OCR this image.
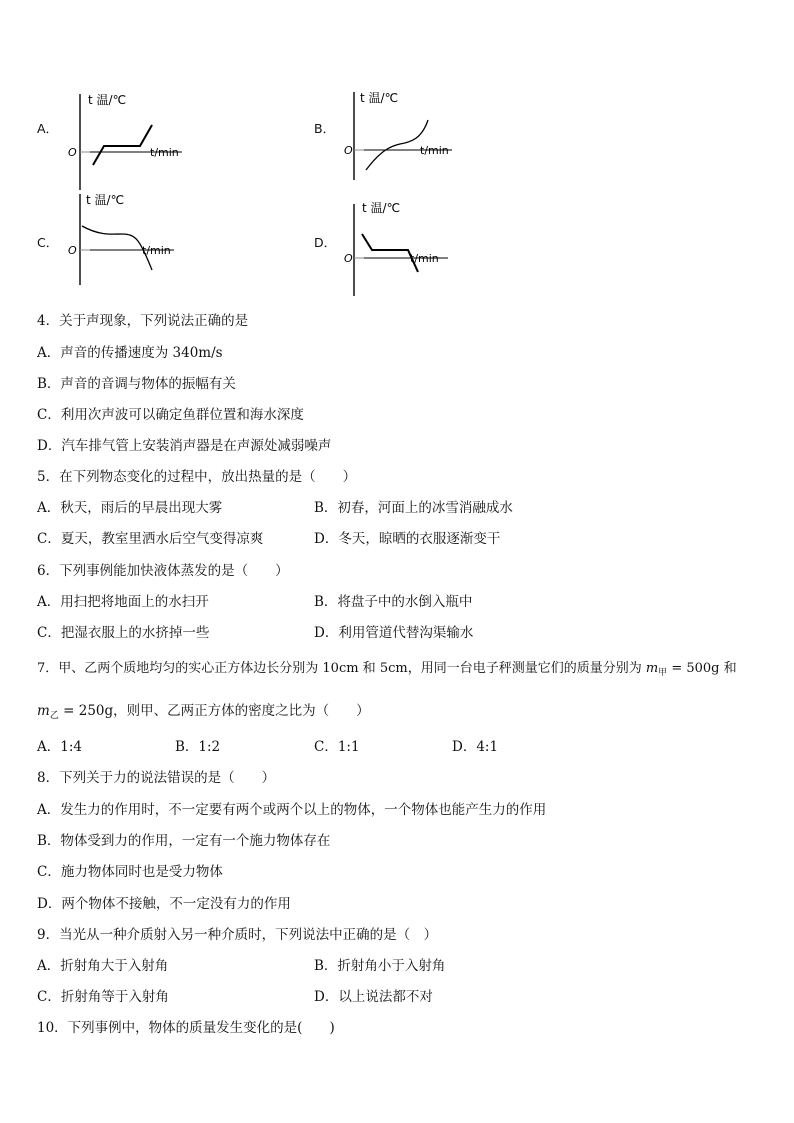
A．
t 温/℃
O	t/min
B．
t 温/℃
O	t/min
C．
t 温/℃
O	t/min
D．
t 温/℃
O	t/min
4．关于声现象，下列说法正确的是
A．声音的传播速度为 340m/s
B．声音的音调与物体的振幅有关
C．利用次声波可以确定鱼群位置和海水深度
D．汽车排气管上安装消声器是在声源处减弱噪声
5．在下列物态变化的过程中，放出热量的是（　　）
A．秋天，雨后的早晨出现大雾	B．初春，河面上的冰雪消融成水
C．夏天，教室里洒水后空气变得凉爽	D．冬天，晾晒的衣服逐渐变干
6．下列事例能加快液体蒸发的是（　　）
A．用扫把将地面上的水扫开	B．将盘子中的水倒入瓶中
C．把湿衣服上的水挤掉一些	D．利用管道代替沟渠输水
7．甲、乙两个质地均匀的实心正方体边长分别为 10cm 和 5cm，用同一台电子秤测量它们的质量分别为 $m_甲 = 500g$ 和
$m_乙 = 250g$，则甲、乙两正方体的密度之比为（　　）
A．1:4	B．1:2	C．1:1	D．4:1
8．下列关于力的说法错误的是（　　）
A．发生力的作用时，不一定要有两个或两个以上的物体，一个物体也能产生力的作用
B．物体受到力的作用，一定有一个施力物体存在
C．施力物体同时也是受力物体
D．两个物体不接触，不一定没有力的作用
9．当光从一种介质射入另一种介质时，下列说法中正确的是（　）
A．折射角大于入射角	B．折射角小于入射角
C．折射角等于入射角	D．以上说法都不对
10．下列事例中，物体的质量发生变化的是(　　)
